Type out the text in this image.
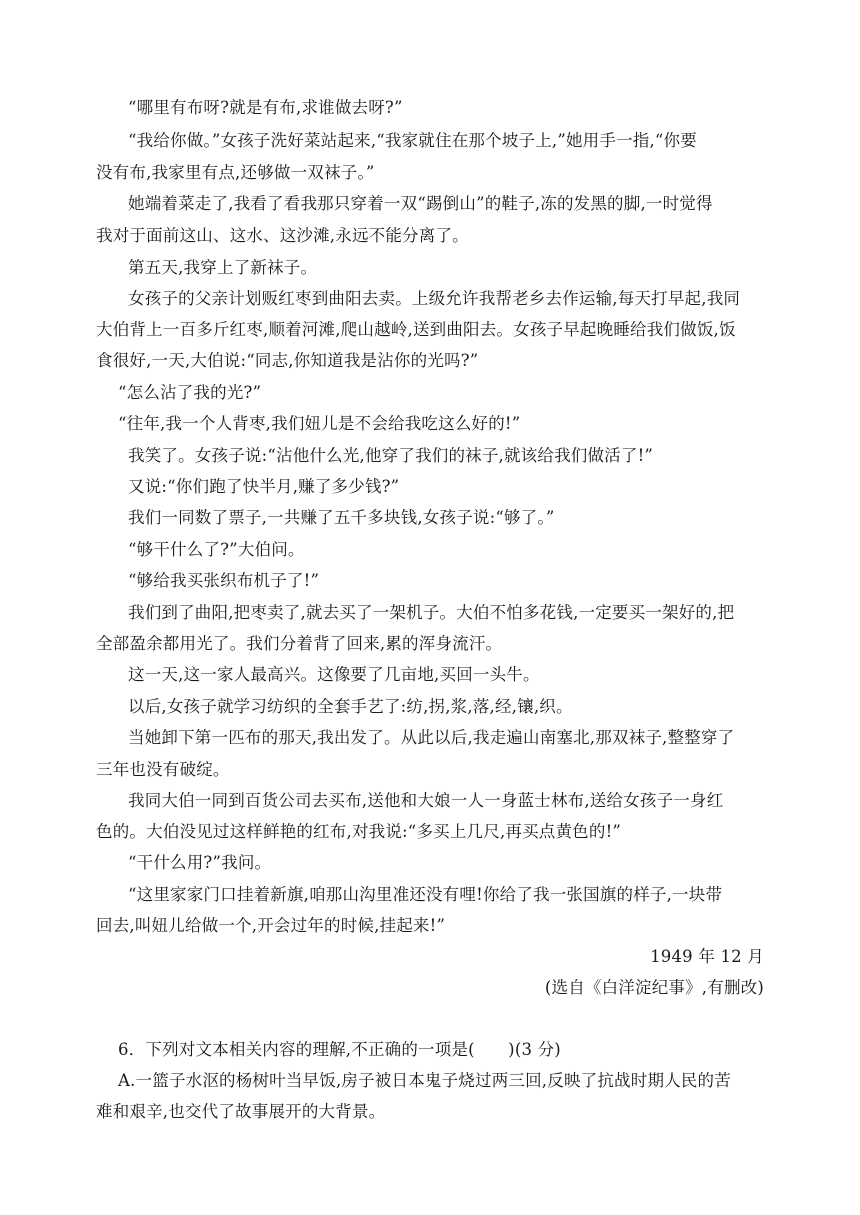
“哪里有布呀?就是有布,求谁做去呀?”
“我给你做。”女孩子洗好菜站起来,“我家就住在那个坡子上,”她用手一指,“你要
没有布,我家里有点,还够做一双袜子。”
她端着菜走了,我看了看我那只穿着一双“踢倒山”的鞋子,冻的发黑的脚,一时觉得
我对于面前这山、这水、这沙滩,永远不能分离了。
第五天,我穿上了新袜子。
女孩子的父亲计划贩红枣到曲阳去卖。上级允许我帮老乡去作运输,每天打早起,我同
大伯背上一百多斤红枣,顺着河滩,爬山越岭,送到曲阳去。女孩子早起晚睡给我们做饭,饭
食很好,一天,大伯说:“同志,你知道我是沾你的光吗?”
“怎么沾了我的光?”
“往年,我一个人背枣,我们妞儿是不会给我吃这么好的!”
我笑了。女孩子说:“沾他什么光,他穿了我们的袜子,就该给我们做活了!”
又说:“你们跑了快半月,赚了多少钱?”
我们一同数了票子,一共赚了五千多块钱,女孩子说:“够了。”
“够干什么了?”大伯问。
“够给我买张织布机子了!”
我们到了曲阳,把枣卖了,就去买了一架机子。大伯不怕多花钱,一定要买一架好的,把
全部盈余都用光了。我们分着背了回来,累的浑身流汗。
这一天,这一家人最高兴。这像要了几亩地,买回一头牛。
以后,女孩子就学习纺织的全套手艺了:纺,拐,浆,落,经,镶,织。
当她卸下第一匹布的那天,我出发了。从此以后,我走遍山南塞北,那双袜子,整整穿了
三年也没有破绽。
我同大伯一同到百货公司去买布,送他和大娘一人一身蓝士林布,送给女孩子一身红
色的。大伯没见过这样鲜艳的红布,对我说:“多买上几尺,再买点黄色的!”
“干什么用?”我问。
“这里家家门口挂着新旗,咱那山沟里准还没有哩!你给了我一张国旗的样子,一块带
回去,叫妞儿给做一个,开会过年的时候,挂起来!”
1949 年 12 月
(选自《白洋淀纪事》,有删改)
6．下列对文本相关内容的理解,不正确的一项是(　　)(3 分)
A.一篮子水沤的杨树叶当早饭,房子被日本鬼子烧过两三回,反映了抗战时期人民的苦
难和艰辛,也交代了故事展开的大背景。
